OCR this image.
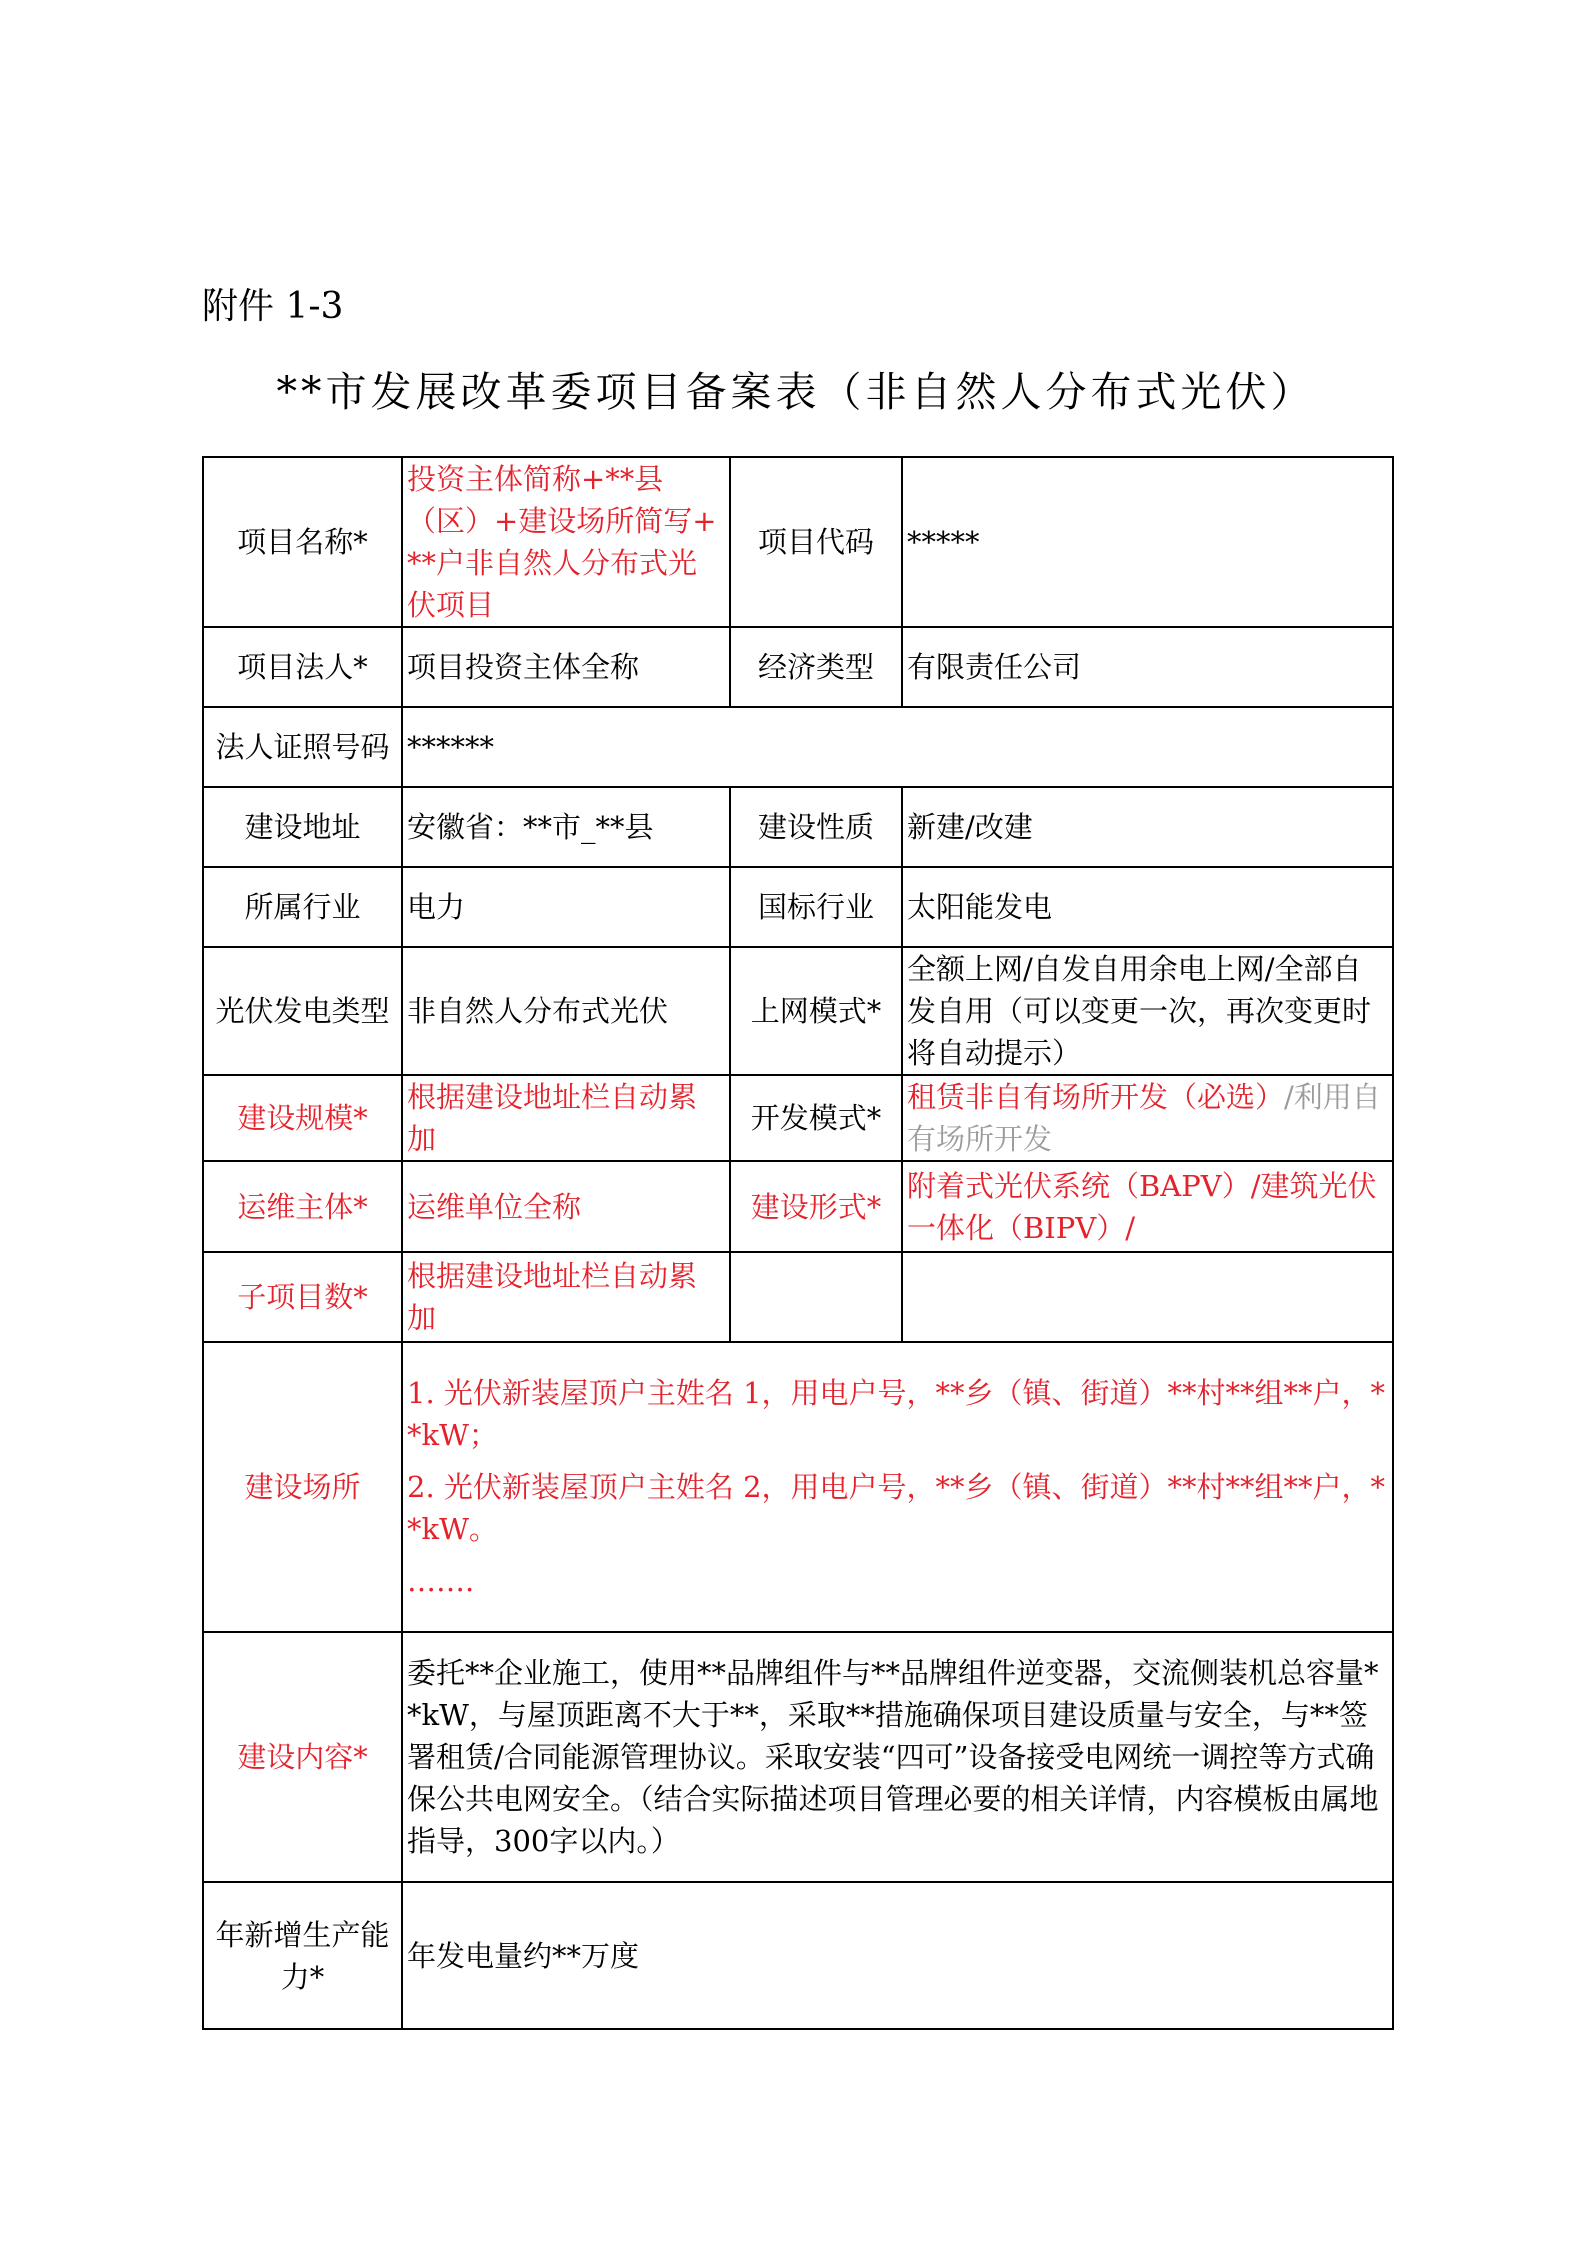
附件 1-3
**市发展改革委项目备案表（非自然人分布式光伏）
项目名称*	投资主体简称+**县（区）+建设场所简写+ **户非自然人分布式光伏项目	项目代码	*****
项目法人*	项目投资主体全称	经济类型	有限责任公司
法人证照号码	******		
建设地址	安徽省：**市_**县	建设性质	新建/改建
所属行业	电力	国标行业	太阳能发电
光伏发电类型	非自然人分布式光伏	上网模式*	全额上网/自发自用余电上网/全部自发自用（可以变更一次，再次变更时将自动提示）
建设规模*	根据建设地址栏自动累加	开发模式*	租赁非自有场所开发（必选）/利用自有场所开发
运维主体*	运维单位全称	建设形式*	附着式光伏系统（BAPV）/建筑光伏一体化（BIPV）/
子项目数*	根据建设地址栏自动累加		
建设场所	1. 光伏新装屋顶户主姓名 1，用电户号，**乡（镇、街道）**村**组**户，**kW；
2. 光伏新装屋顶户主姓名 2，用电户号，**乡（镇、街道）**村**组**户，**kW。
…….		

建设内容*	委托**企业施工，使用**品牌组件与**品牌组件逆变器，交流侧装机总容量**kW，与屋顶距离不大于**，采取**措施确保项目建设质量与安全，与**签署租赁/合同能源管理协议。采取安装“四可”设备接受电网统一调控等方式确保公共电网安全。（结合实际描述项目管理必要的相关详情，内容模板由属地指导，300字以内。）		
年新增生产能力*	年发电量约**万度		
